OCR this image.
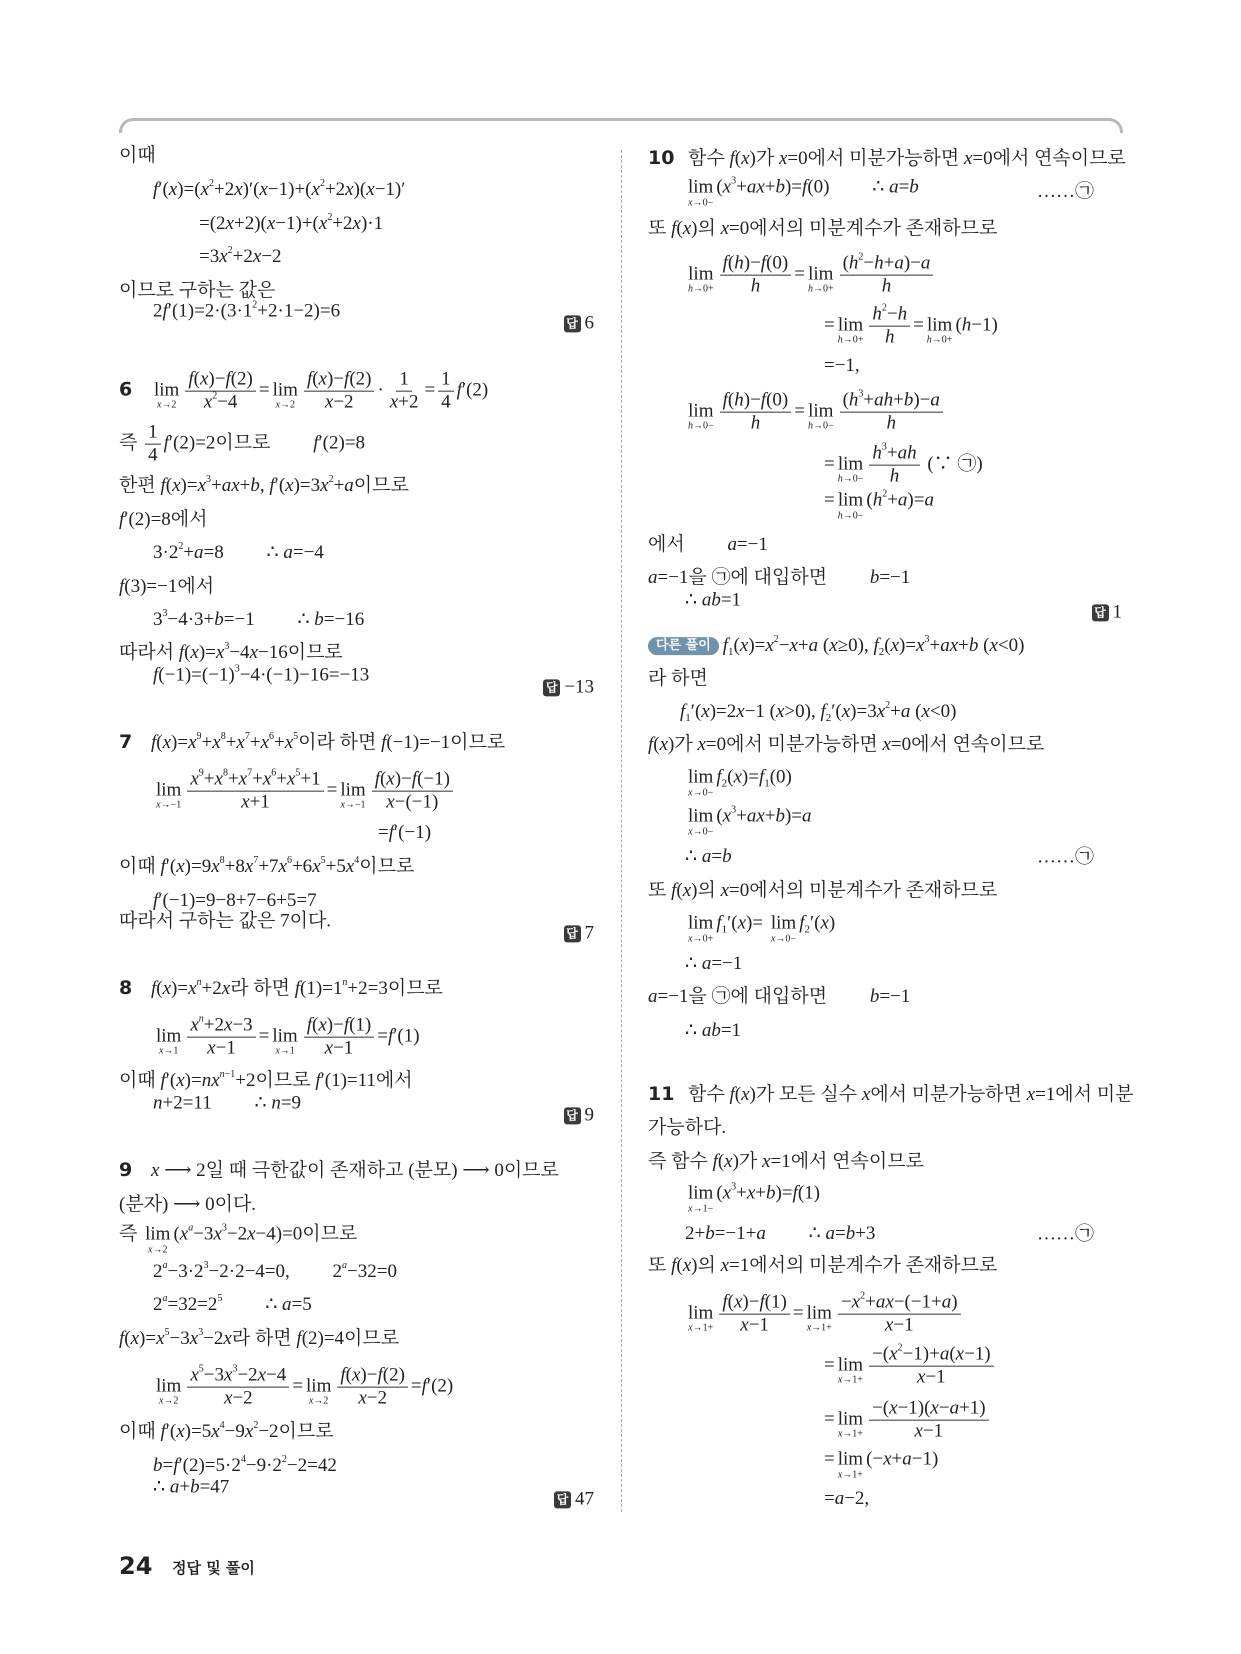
이때
$f'(x)=(x^2+2x)'(x-1)+(x^2+2x)(x-1)'$
$=(2x+2)(x-1)+(x^2+2x)\cdot 1$
$=3x^2+2x-2$
이므로 구하는 값은
$2f'(1)=2\cdot(3\cdot 1^2+2\cdot 1-2)=6$

답 6
6 lim
$x\to 2 \frac{f(x)-f(2)}{x^2-4} = \lim$
$x\to 2 \frac{f(x)-f(2)}{x-2} \cdot \frac{1}{x+2} = \frac{1}{4} f'(2)$
즉 $\frac{1}{4} f'(2)=2$이므로   f′(2)=8
한편 $f(x)=x^3+ax+b$, $f'(x)=3x^2+a$이므로
f′(2)=8에서
$3\cdot 2^2+a=8$   ∴ a=−4
f(3)=−1에서
$3^3-4\cdot 3+b=-1$   ∴ b=−16
따라서 $f(x)=x^3-4x-16$이므로
$f(-1)=(-1)^3-4\cdot(-1)-16=-13$

답 −13
7 $f(x)=x^9+x^8+x^7+x^6+x^5$이라 하면 f(−1)=−1이므로
lim
$x\to-1 \frac{x^9+x^8+x^7+x^6+x^5+1}{x+1} = \lim$
$x\to-1 \frac{f(x)-f(-1)}{x-(-1)}$
=f′(−1)
이때 $f'(x)=9x^8+8x^7+7x^6+6x^5+5x^4$이므로
f′(−1)=9−8+7−6+5=7
따라서 구하는 값은 7이다.

답 7
8 $f(x)=x^n+2x$라 하면 $f(1)=1^n+2=3$이므로
lim
$x\to 1 \frac{x^n+2x-3}{x-1} = \lim$
$x\to 1 \frac{f(x)-f(1)}{x-1} =f'(1)$
이때 $f'(x)=nx^{n-1}+2$이므로 f′(1)=11에서
n+2=11   ∴ n=9

답 9
9 x ⟶ 2일 때 극한값이 존재하고 (분모) ⟶ 0이므로
(분자) ⟶ 0이다.
즉 lim
x→2
$(x^a-3x^3-2x-4)=0$이므로
$2^a-3\cdot 2^3-2\cdot 2-4=0$,   $2^a-32=0$
$2^a=32=2^5$   ∴ a=5
$f(x)=x^5-3x^3-2x$라 하면 f(2)=4이므로
lim
$x\to 2 \frac{x^5-3x^3-2x-4}{x-2} = \lim$
$x\to 2 \frac{f(x)-f(2)}{x-2} =f'(2)$
이때 $f'(x)=5x^4-9x^2-2$이므로
$b=f'(2)=5\cdot 2^4-9\cdot 2^2-2=42$
∴ a+b=47

답 47
10 함수 f(x)가 x=0에서 미분가능하면 x=0에서 연속이므로
lim
x→0−
$(x^3+ax+b)=f(0)$   ∴ a=b	……㉠
또 f(x)의 x=0에서의 미분계수가 존재하므로
lim
$h\to 0+ \frac{f(h)-f(0)}{h} = \lim$
$h\to 0+ \frac{(h^2-h+a)-a}{h}$
= lim
$h\to 0+ \frac{h^2-h}{h} = \lim$
h→0+
(h−1)
=−1,
lim
$h\to 0- \frac{f(h)-f(0)}{h} = \lim$
$h\to 0- \frac{(h^3+ah+b)-a}{h}$
= lim
$h\to 0- \frac{h^3+ah}{h}$ (∵ ㉠)
= lim
h→0−
$(h^2+a)=a$
에서   a=−1
a=−1을 ㉠에 대입하면   b=−1
∴ ab=1

답 1
다른 풀이 $f_1(x)=x^2-x+a$ (x≥0), $f_2(x)=x^3+ax+b$ (x<0)
라 하면
$f_1'(x)=2x-1$ (x>0), $f_2'(x)=3x^2+a$ (x<0)
f(x)가 x=0에서 미분가능하면 x=0에서 연속이므로
lim
x→0−
$f_2(x)=f_1(0)$
lim
x→0−
$(x^3+ax+b)=a$
∴ a=b	……㉠
또 f(x)의 x=0에서의 미분계수가 존재하므로
lim
x→0+
$f_1'(x)= \lim$
x→0−
$f_2'(x)$
∴ a=−1
a=−1을 ㉠에 대입하면   b=−1
∴ ab=1
11 함수 f(x)가 모든 실수 x에서 미분가능하면 x=1에서 미분
가능하다.
즉 함수 f(x)가 x=1에서 연속이므로
lim
x→1−
$(x^3+x+b)=f(1)$
2+b=−1+a   ∴ a=b+3	……㉠
또 f(x)의 x=1에서의 미분계수가 존재하므로
lim
$x\to 1+ \frac{f(x)-f(1)}{x-1} = \lim$
$x\to 1+ \frac{-x^2+ax-(-1+a)}{x-1}$
= lim
$x\to 1+ \frac{-(x^2-1)+a(x-1)}{x-1}$
= lim
$x\to 1+ \frac{-(x-1)(x-a+1)}{x-1}$
= lim
x→1+
(−x+a−1)
=a−2,
24 정답 및 풀이
